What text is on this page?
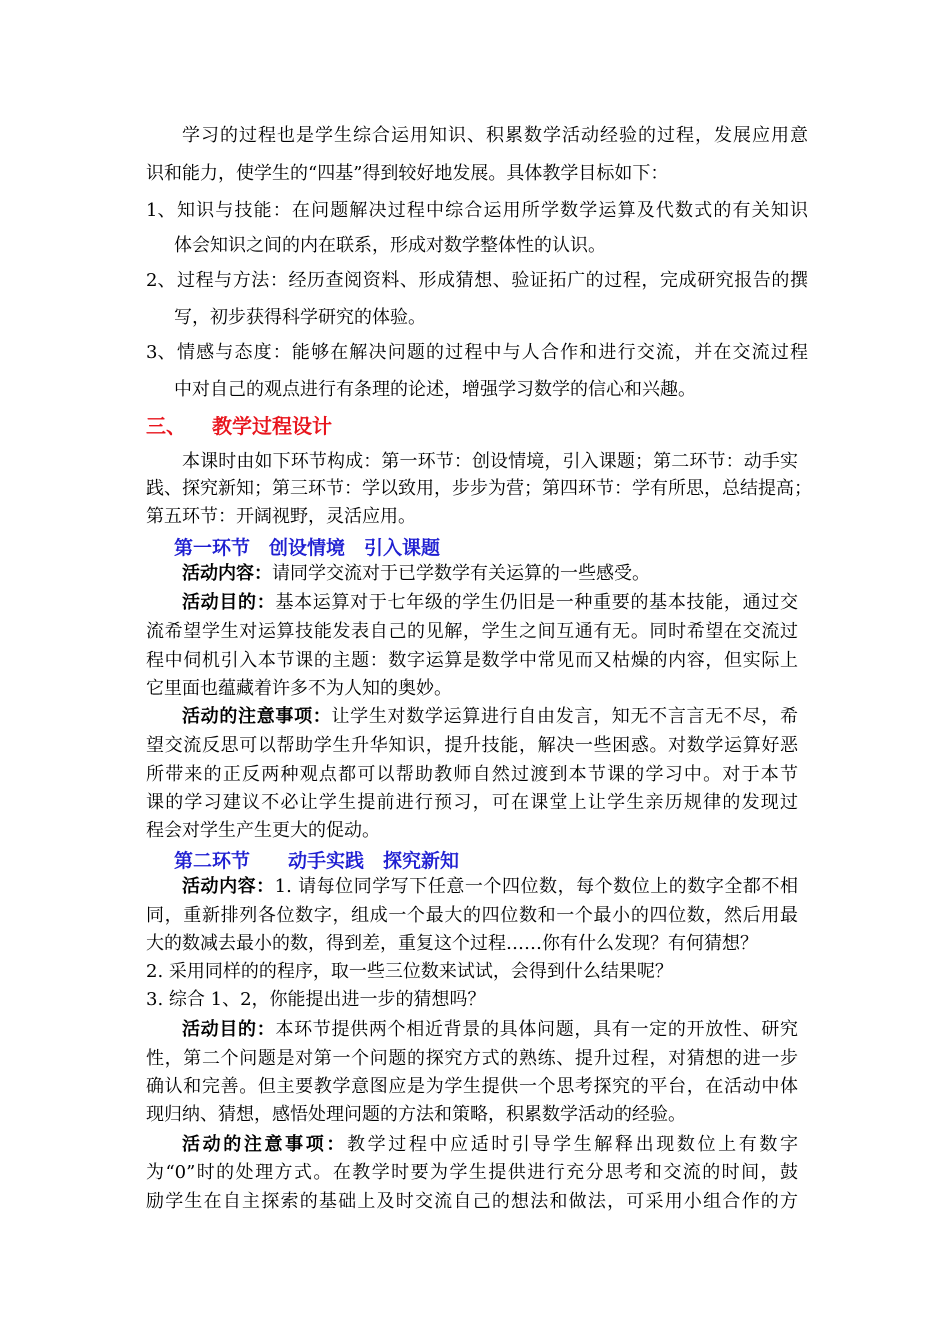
学习的过程也是学生综合运用知识、积累数学活动经验的过程，发展应用意
识和能力，使学生的“四基”得到较好地发展。具体教学目标如下：
1、 知识与技能：在问题解决过程中综合运用所学数学运算及代数式的有关知识
体会知识之间的内在联系，形成对数学整体性的认识。
2、 过程与方法：经历查阅资料、形成猜想、验证拓广的过程，完成研究报告的撰
写，初步获得科学研究的体验。
3、 情感与态度：能够在解决问题的过程中与人合作和进行交流，并在交流过程
中对自己的观点进行有条理的论述，增强学习数学的信心和兴趣。
三、 教学过程设计
本课时由如下环节构成：第一环节：创设情境，引入课题；第二环节：动手实
践、探究新知；第三环节：学以致用，步步为营；第四环节：学有所思，总结提高；
第五环节：开阔视野，灵活应用。
第一环节　创设情境　引入课题
活动内容：请同学交流对于已学数学有关运算的一些感受。
活动目的：基本运算对于七年级的学生仍旧是一种重要的基本技能，通过交
流希望学生对运算技能发表自己的见解，学生之间互通有无。同时希望在交流过
程中伺机引入本节课的主题：数字运算是数学中常见而又枯燥的内容，但实际上
它里面也蕴藏着许多不为人知的奥妙。
活动的注意事项：让学生对数学运算进行自由发言，知无不言言无不尽，希
望交流反思可以帮助学生升华知识，提升技能，解决一些困惑。对数学运算好恶
所带来的正反两种观点都可以帮助教师自然过渡到本节课的学习中。对于本节
课的学习建议不必让学生提前进行预习，可在课堂上让学生亲历规律的发现过
程会对学生产生更大的促动。
第二环节　　动手实践　探究新知
活动内容：1. 请每位同学写下任意一个四位数，每个数位上的数字全都不相
同，重新排列各位数字，组成一个最大的四位数和一个最小的四位数，然后用最
大的数减去最小的数，得到差，重复这个过程……你有什么发现？有何猜想？
2. 采用同样的的程序，取一些三位数来试试，会得到什么结果呢？
3. 综合 1、2，你能提出进一步的猜想吗？
活动目的：本环节提供两个相近背景的具体问题，具有一定的开放性、研究
性，第二个问题是对第一个问题的探究方式的熟练、提升过程，对猜想的进一步
确认和完善。但主要教学意图应是为学生提供一个思考探究的平台，在活动中体
现归纳、猜想，感悟处理问题的方法和策略，积累数学活动的经验。
活动的注意事项：教学过程中应适时引导学生解释出现数位上有数字
为“0”时的处理方式。在教学时要为学生提供进行充分思考和交流的时间，鼓
励学生在自主探索的基础上及时交流自己的想法和做法，可采用小组合作的方
